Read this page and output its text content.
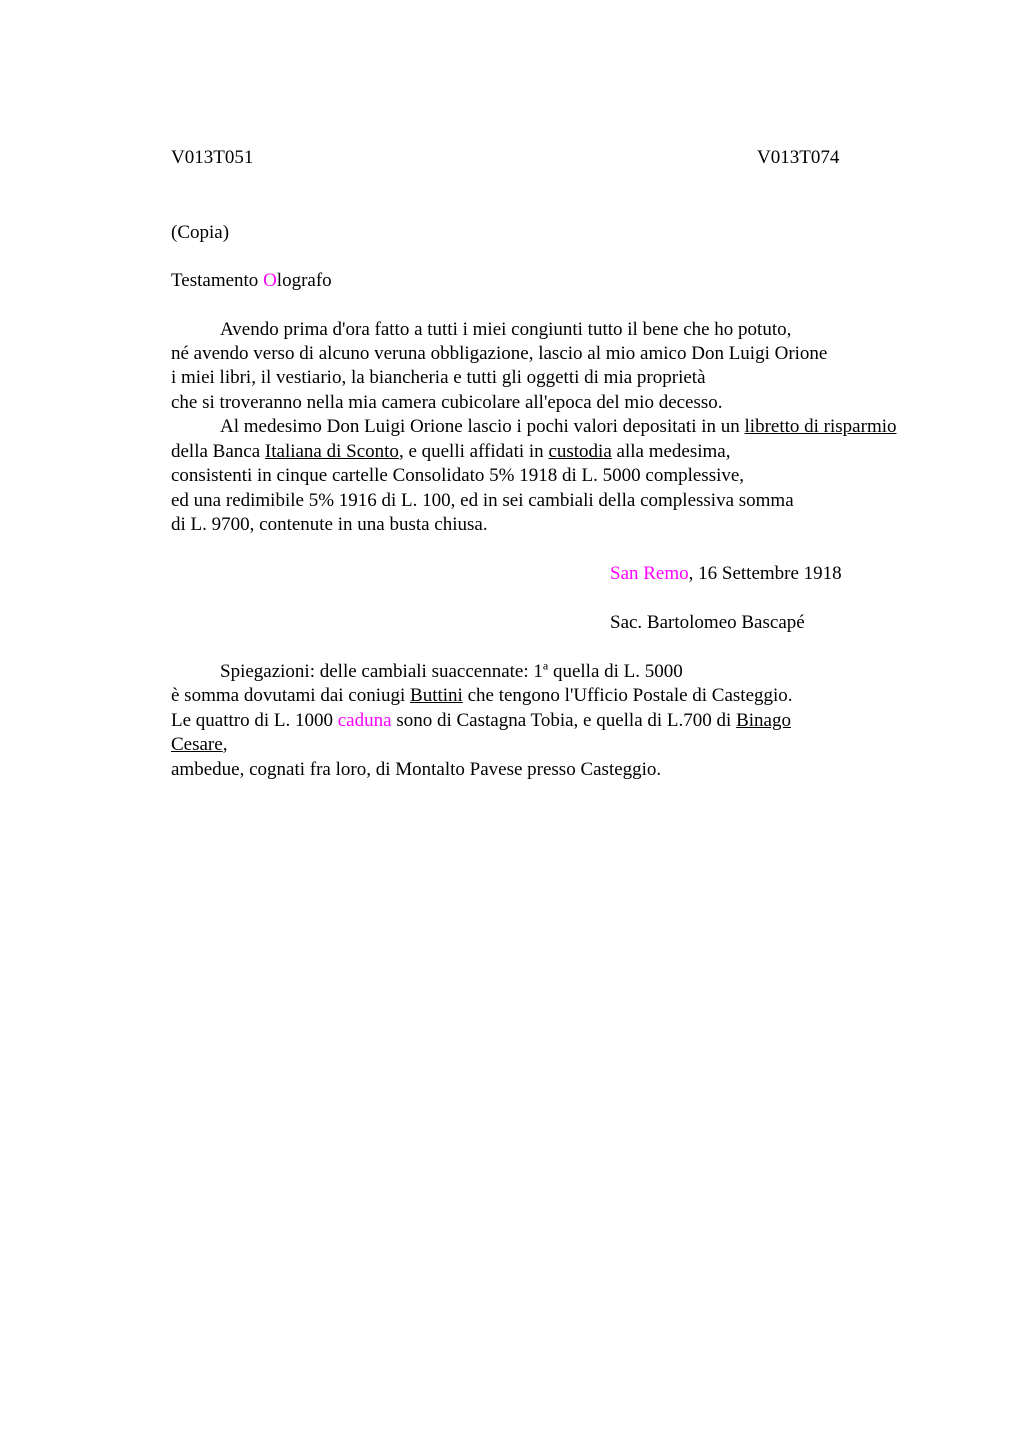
V013T051	V013T074
(Copia)
Testamento Olografo
Avendo prima d'ora fatto a tutti i miei congiunti tutto il bene che ho potuto,
né avendo verso di alcuno veruna obbligazione, lascio al mio amico Don Luigi Orione
i miei libri, il vestiario, la biancheria e tutti gli oggetti di mia proprietà
che si troveranno nella mia camera cubicolare all'epoca del mio decesso.
Al medesimo Don Luigi Orione lascio i pochi valori depositati in un libretto di risparmio
della Banca Italiana di Sconto, e quelli affidati in custodia alla medesima,
consistenti in cinque cartelle Consolidato 5% 1918 di L. 5000 complessive,
ed una redimibile 5% 1916 di L. 100, ed in sei cambiali della complessiva somma
di L. 9700, contenute in una busta chiusa.
San Remo, 16 Settembre 1918
Sac. Bartolomeo Bascapé
Spiegazioni: delle cambiali suaccennate: 1$^a$ quella di L. 5000
è somma dovutami dai coniugi Buttini che tengono l'Ufficio Postale di Casteggio.
Le quattro di L. 1000 caduna sono di Castagna Tobia, e quella di L.700 di Binago
Cesare,
ambedue, cognati fra loro, di Montalto Pavese presso Casteggio.
